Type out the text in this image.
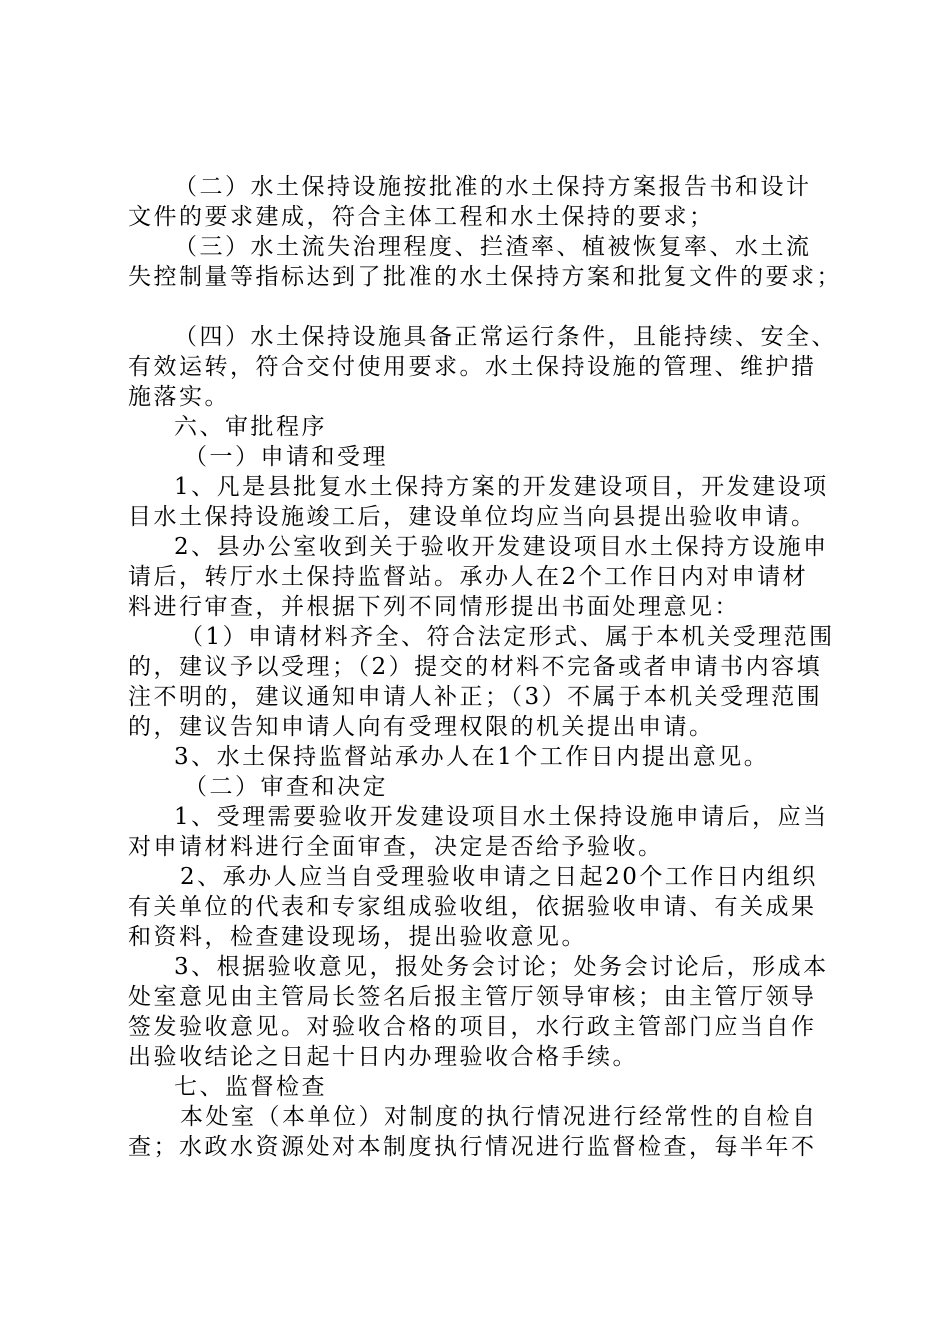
（二）水土保持设施按批准的水土保持方案报告书和设计
文件的要求建成，符合主体工程和水土保持的要求；
（三）水土流失治理程度、拦渣率、植被恢复率、水土流
失控制量等指标达到了批准的水土保持方案和批复文件的要求；
（四）水土保持设施具备正常运行条件，且能持续、安全、
有效运转，符合交付使用要求。水土保持设施的管理、维护措
施落实。
六、审批程序
（一）申请和受理
1、凡是县批复水土保持方案的开发建设项目，开发建设项
目水土保持设施竣工后，建设单位均应当向县提出验收申请。
2、县办公室收到关于验收开发建设项目水土保持方设施申
请后，转厅水土保持监督站。承办人在2个工作日内对申请材
料进行审查，并根据下列不同情形提出书面处理意见：
（1）申请材料齐全、符合法定形式、属于本机关受理范围
的，建议予以受理；（2）提交的材料不完备或者申请书内容填
注不明的，建议通知申请人补正；（3）不属于本机关受理范围
的，建议告知申请人向有受理权限的机关提出申请。
3、水土保持监督站承办人在1个工作日内提出意见。
（二）审查和决定
1、受理需要验收开发建设项目水土保持设施申请后，应当
对申请材料进行全面审查，决定是否给予验收。
2、承办人应当自受理验收申请之日起20个工作日内组织
有关单位的代表和专家组成验收组，依据验收申请、有关成果
和资料，检查建设现场，提出验收意见。
3、根据验收意见，报处务会讨论；处务会讨论后，形成本
处室意见由主管局长签名后报主管厅领导审核；由主管厅领导
签发验收意见。对验收合格的项目，水行政主管部门应当自作
出验收结论之日起十日内办理验收合格手续。
七、监督检查
本处室（本单位）对制度的执行情况进行经常性的自检自
查；水政水资源处对本制度执行情况进行监督检查，每半年不
